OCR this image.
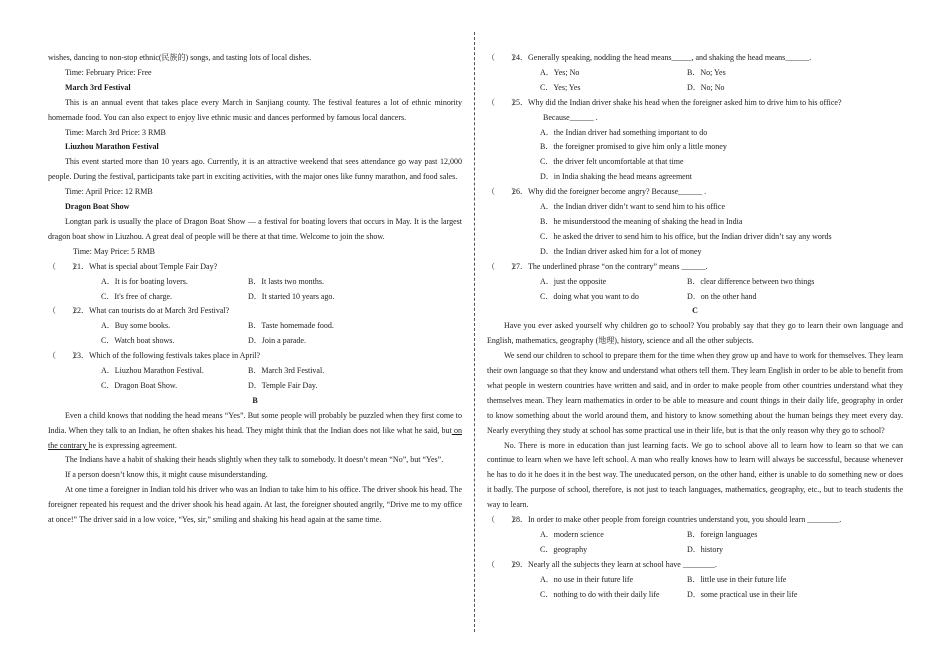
wishes, dancing to non-stop ethnic(民族的) songs, and tasting lots of local dishes.

Time: February Price: Free

March 3rd Festival

This is an annual event that takes place every March in Sanjiang county. The festival features a lot of ethnic minority homemade food. You can also expect to enjoy live ethnic music and dances performed by famous local dancers.

Time: March 3rd Price: 3 RMB

Liuzhou Marathon Festival

This event started more than 10 years ago. Currently, it is an attractive weekend that sees attendance go way past 12,000 people. During the festival, participants take part in exciting activities, with the major ones like funny marathon, and food sales.

Time: April Price: 12 RMB

Dragon Boat Show

Longtan park is usually the place of Dragon Boat Show — a festival for boating lovers that occurs in May. It is the largest dragon boat show in Liuzhou. A great deal of people will be there at that time. Welcome to join the show.

Time: May Price: 5 RMB

（　　）
21．What is special about Temple Fair Day?

A．It is for boating lovers.	B．It lasts two months.
C．It's free of charge.	D．It started 10 years ago.

（　　）
22．What can tourists do at March 3rd Festival?

A．Buy some books.	B．Taste homemade food.
C．Watch boat shows.	D．Join a parade.

（　　）
23．Which of the following festivals takes place in April?

A．Liuzhou Marathon Festival.	B．March 3rd Festival.
C．Dragon Boat Show.	D．Temple Fair Day.

B

Even a child knows that nodding the head means “Yes”. But some people will probably be puzzled when they first come to India. When they talk to an Indian, he often shakes his head. They might think that the Indian does not like what he said, but on the contrary he is expressing agreement.

The Indians have a habit of shaking their heads slightly when they talk to somebody. It doesn’t mean “No”, but “Yes”.

If a person doesn’t know this, it might cause misunderstanding.

At one time a foreigner in Indian told his driver who was an Indian to take him to his office. The driver shook his head. The foreigner repeated his request and the driver shook his head again. At last, the foreigner shouted angrily, “Drive me to my office at once!” The driver said in a low voice, “Yes, sir,” smiling and shaking his head again at the same time.

（　　）
24．Generally speaking, nodding the head means_____, and shaking the head means______.

A．Yes; No	B．No; Yes
C．Yes; Yes	D．No; No

（　　）
25．Why did the Indian driver shake his head when the foreigner asked him to drive him to his office?

Because______ .

A．the Indian driver had something important to do

B．the foreigner promised to give him only a little money

C．the driver felt uncomfortable at that time

D．in India shaking the head means agreement

（　　）
26．Why did the foreigner become angry? Because______ .

A．the Indian driver didn’t want to send him to his office

B．he misunderstood the meaning of shaking the head in India

C．he asked the driver to send him to his office, but the Indian driver didn’t say any words

D．the Indian driver asked him for a lot of money

（　　）
27．The underlined phrase “on the contrary” means ______.

A．just the opposite	B．clear difference between two things
C．doing what you want to do	D．on the other hand

C

Have you ever asked yourself why children go to school? You probably say that they go to learn their own language and English, mathematics, geography (地理), history, science and all the other subjects.

We send our children to school to prepare them for the time when they grow up and have to work for themselves. They learn their own language so that they know and understand what others tell them. They learn English in order to be able to benefit from what people in western countries have written and said, and in order to make people from other countries understand what they themselves mean. They learn mathematics in order to be able to measure and count things in their daily life, geography in order to know something about the world around them, and history to know something about the human beings they meet every day. Nearly everything they study at school has some practical use in their life, but is that the only reason why they go to school?

No. There is more in education than just learning facts. We go to school above all to learn how to learn so that we can continue to learn when we have left school. A man who really knows how to learn will always be successful, because whenever he has to do it he does it in the best way. The uneducated person, on the other hand, either is unable to do something new or does it badly. The purpose of school, therefore, is not just to teach languages, mathematics, geography, etc., but to teach students the way to learn.

（　　）
28．In order to make other people from foreign countries understand you, you should learn ________.

A．modern science	B．foreign languages
C．geography	D．history

（　　）
29．Nearly all the subjects they learn at school have ________.

A．no use in their future life	B．little use in their future life
C．nothing to do with their daily life	D．some practical use in their life
